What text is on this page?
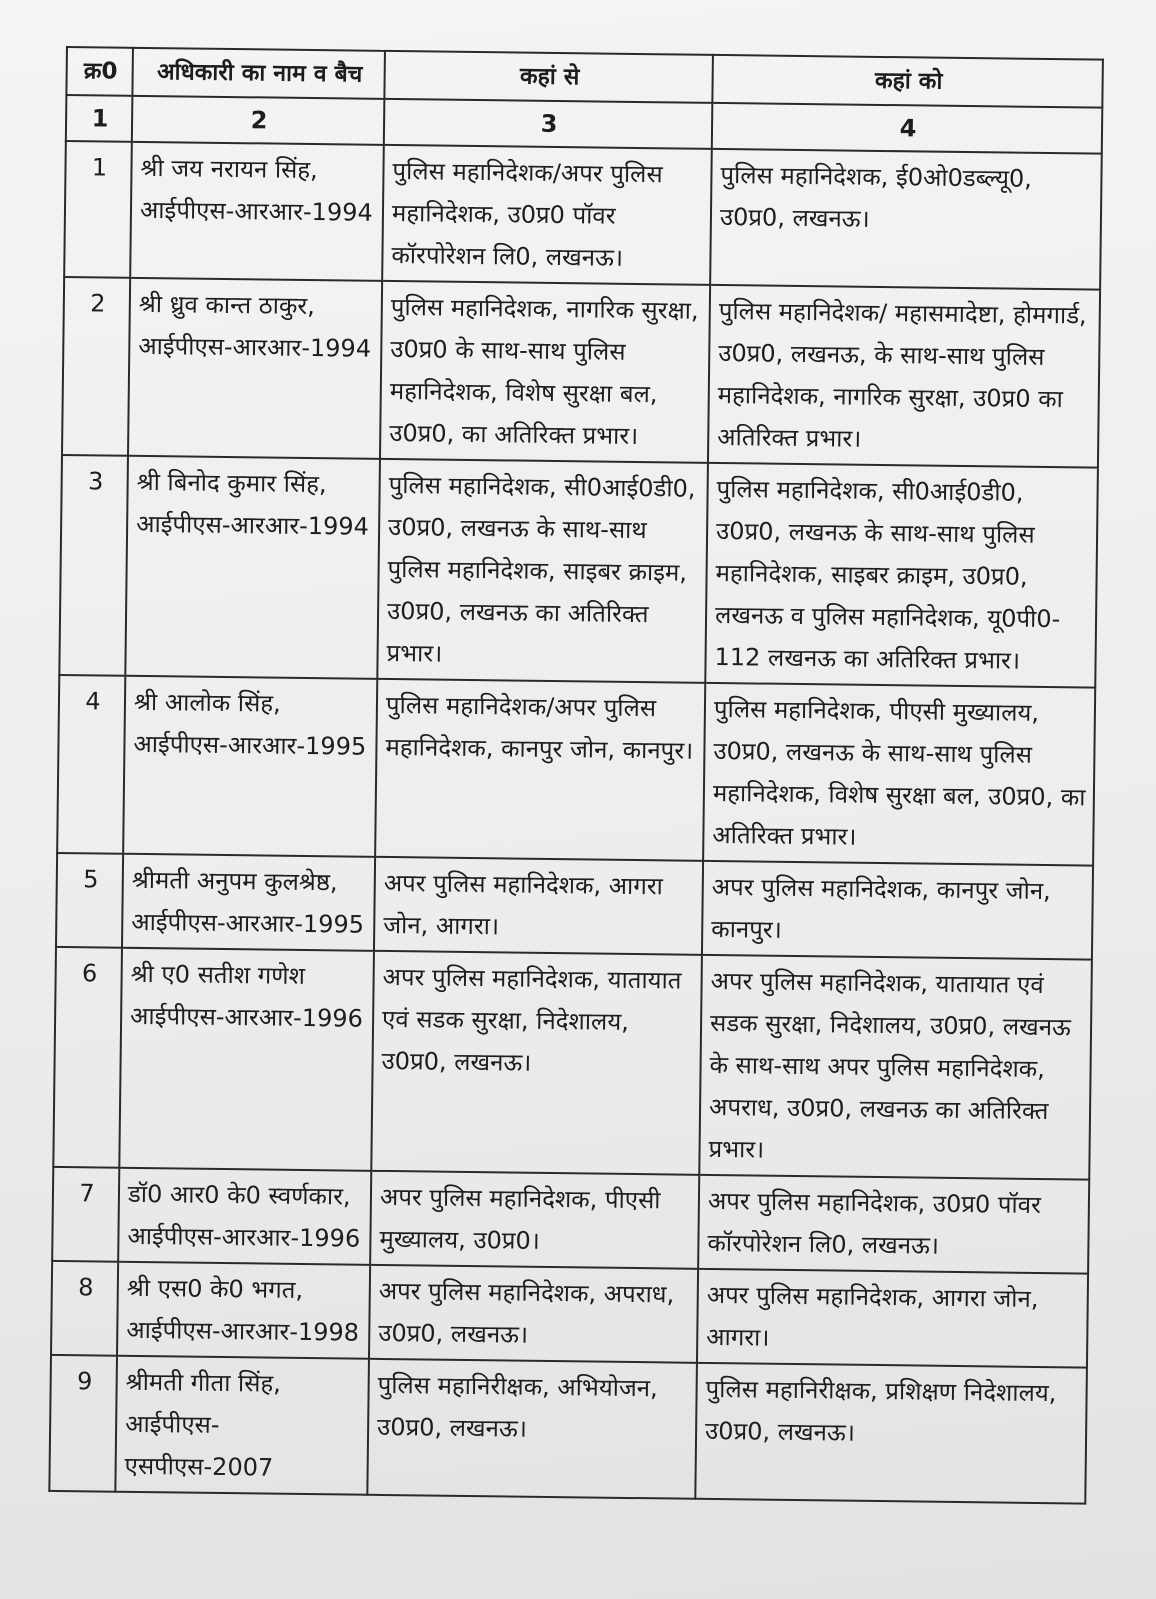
क्र0	अधिकारी का नाम व बैच	कहां से	कहां को
1	2	3	4
1	श्री जय नरायन सिंह, आईपीएस-आरआर-1994	पुलिस महानिदेशक/अपर पुलिस महानिदेशक, उ0प्र0 पॉवर कॉरपोरेशन लि0, लखनऊ।	पुलिस महानिदेशक, ई0ओ0डब्ल्यू0, उ0प्र0, लखनऊ।
2	श्री ध्रुव कान्त ठाकुर, आईपीएस-आरआर-1994	पुलिस महानिदेशक, नागरिक सुरक्षा, उ0प्र0 के साथ-साथ पुलिस महानिदेशक, विशेष सुरक्षा बल, उ0प्र0, का अतिरिक्त प्रभार।	पुलिस महानिदेशक/ महासमादेष्टा, होमगार्ड, उ0प्र0, लखनऊ, के साथ-साथ पुलिस महानिदेशक, नागरिक सुरक्षा, उ0प्र0 का अतिरिक्त प्रभार।
3	श्री बिनोद कुमार सिंह, आईपीएस-आरआर-1994	पुलिस महानिदेशक, सी0आई0डी0, उ0प्र0, लखनऊ के साथ-साथ पुलिस महानिदेशक, साइबर क्राइम, उ0प्र0, लखनऊ का अतिरिक्त प्रभार।	पुलिस महानिदेशक, सी0आई0डी0, उ0प्र0, लखनऊ के साथ-साथ पुलिस महानिदेशक, साइबर क्राइम, उ0प्र0, लखनऊ व पुलिस महानिदेशक, यू0पी0-112 लखनऊ का अतिरिक्त प्रभार।
4	श्री आलोक सिंह, आईपीएस-आरआर-1995	पुलिस महानिदेशक/अपर पुलिस महानिदेशक, कानपुर जोन, कानपुर।	पुलिस महानिदेशक, पीएसी मुख्यालय, उ0प्र0, लखनऊ के साथ-साथ पुलिस महानिदेशक, विशेष सुरक्षा बल, उ0प्र0, का अतिरिक्त प्रभार।
5	श्रीमती अनुपम कुलश्रेष्ठ, आईपीएस-आरआर-1995	अपर पुलिस महानिदेशक, आगरा जोन, आगरा।	अपर पुलिस महानिदेशक, कानपुर जोन, कानपुर।
6	श्री ए0 सतीश गणेश आईपीएस-आरआर-1996	अपर पुलिस महानिदेशक, यातायात एवं सडक सुरक्षा, निदेशालय, उ0प्र0, लखनऊ।	अपर पुलिस महानिदेशक, यातायात एवं सडक सुरक्षा, निदेशालय, उ0प्र0, लखनऊ के साथ-साथ अपर पुलिस महानिदेशक, अपराध, उ0प्र0, लखनऊ का अतिरिक्त प्रभार।
7	डॉ0 आर0 के0 स्वर्णकार, आईपीएस-आरआर-1996	अपर पुलिस महानिदेशक, पीएसी मुख्यालय, उ0प्र0।	अपर पुलिस महानिदेशक, उ0प्र0 पॉवर कॉरपोरेशन लि0, लखनऊ।
8	श्री एस0 के0 भगत, आईपीएस-आरआर-1998	अपर पुलिस महानिदेशक, अपराध, उ0प्र0, लखनऊ।	अपर पुलिस महानिदेशक, आगरा जोन, आगरा।
9	श्रीमती गीता सिंह, आईपीएस-एसपीएस-2007	पुलिस महानिरीक्षक, अभियोजन, उ0प्र0, लखनऊ।	पुलिस महानिरीक्षक, प्रशिक्षण निदेशालय, उ0प्र0, लखनऊ।
